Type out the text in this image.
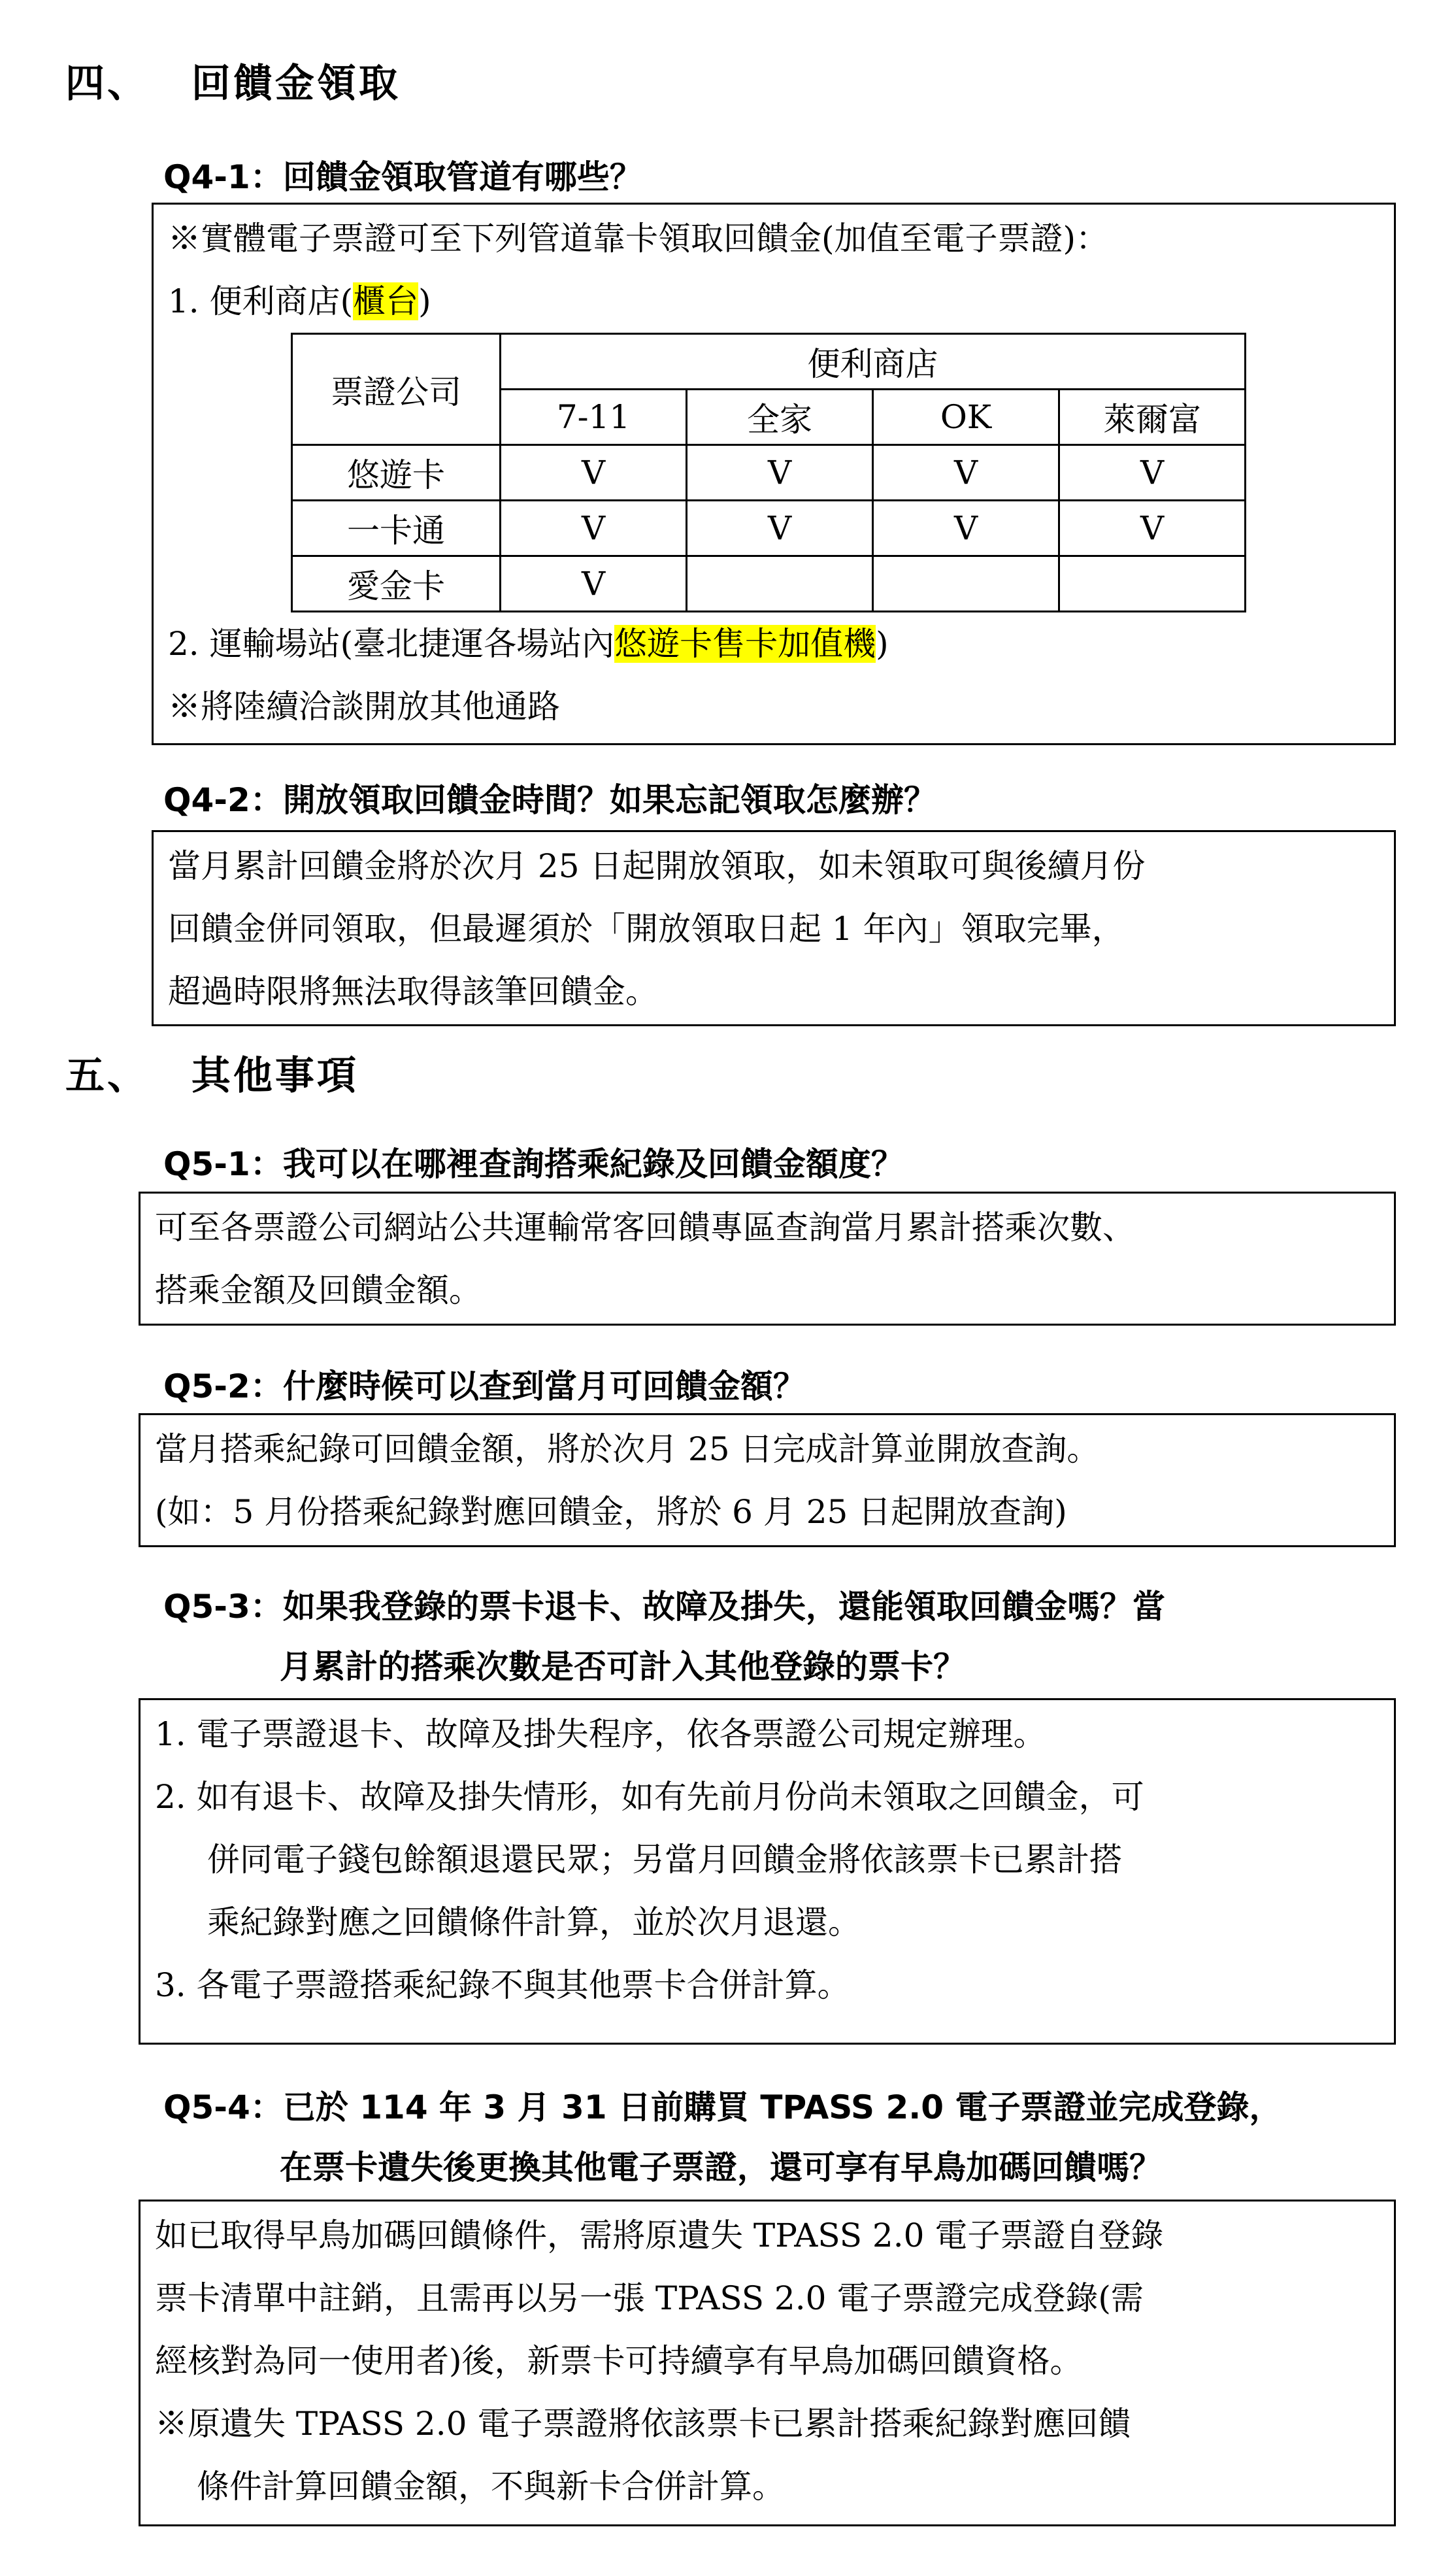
四、 回饋金領取
Q4-1：回饋金領取管道有哪些？
※實體電子票證可至下列管道靠卡領取回饋金(加值至電子票證)：
1. 便利商店(櫃台)
票證公司	便利商店			
	7-11	全家	OK	萊爾富
悠遊卡	V	V	V	V
一卡通	V	V	V	V
愛金卡	V			
2. 運輸場站(臺北捷運各場站內悠遊卡售卡加值機)
※將陸續洽談開放其他通路
Q4-2：開放領取回饋金時間？如果忘記領取怎麼辦？
當月累計回饋金將於次月 25 日起開放領取，如未領取可與後續月份
回饋金併同領取，但最遲須於「開放領取日起 1 年內」領取完畢，
超過時限將無法取得該筆回饋金。
五、 其他事項
Q5-1：我可以在哪裡查詢搭乘紀錄及回饋金額度？
可至各票證公司網站公共運輸常客回饋專區查詢當月累計搭乘次數、
搭乘金額及回饋金額。
Q5-2：什麼時候可以查到當月可回饋金額？
當月搭乘紀錄可回饋金額，將於次月 25 日完成計算並開放查詢。
(如：5 月份搭乘紀錄對應回饋金，將於 6 月 25 日起開放查詢)
Q5-3：如果我登錄的票卡退卡、故障及掛失，還能領取回饋金嗎？當
月累計的搭乘次數是否可計入其他登錄的票卡？
1. 電子票證退卡、故障及掛失程序，依各票證公司規定辦理。
2. 如有退卡、故障及掛失情形，如有先前月份尚未領取之回饋金，可
併同電子錢包餘額退還民眾；另當月回饋金將依該票卡已累計搭
乘紀錄對應之回饋條件計算，並於次月退還。
3. 各電子票證搭乘紀錄不與其他票卡合併計算。
Q5-4：已於 114 年 3 月 31 日前購買 TPASS 2.0 電子票證並完成登錄，
在票卡遺失後更換其他電子票證，還可享有早鳥加碼回饋嗎？
如已取得早鳥加碼回饋條件，需將原遺失 TPASS 2.0 電子票證自登錄
票卡清單中註銷，且需再以另一張 TPASS 2.0 電子票證完成登錄(需
經核對為同一使用者)後，新票卡可持續享有早鳥加碼回饋資格。
※原遺失 TPASS 2.0 電子票證將依該票卡已累計搭乘紀錄對應回饋
條件計算回饋金額，不與新卡合併計算。
